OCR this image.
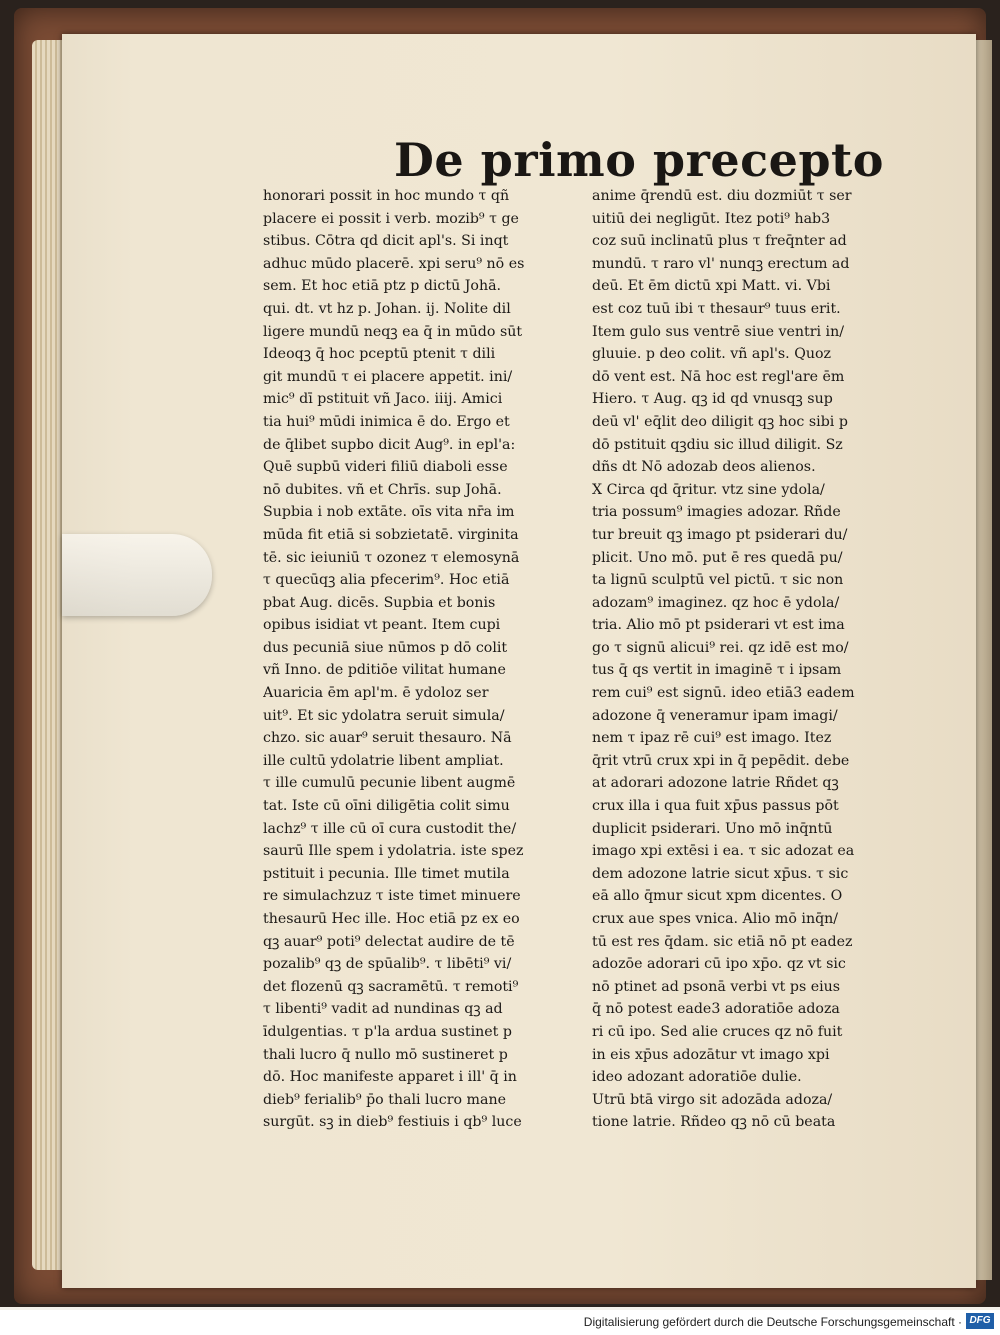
De primo precepto
honorari possit in hoc mundo τ qñ
placere ei possit i verb. mozib⁹ τ ge
stibus. Cōtra qd dicit apl's. Si inqt
adhuc mūdo placerē. xpi seru⁹ nō es
sem. Et hoc etiā ptz p dictū Johā.
qui. dt. vt hz p. Johan. ij. Nolite dil
ligere mundū neqꝫ ea q̄ in mūdo sūt
Ideoqꝫ q̄ hoc pceptū ptenit τ dili
git mundū τ ei placere appetit. ini/
mic⁹ dī pstituit vñ Jaco. iiij. Amici
tia hui⁹ mūdi inimica ē do. Ergo et
de q̄libet supbo dicit Aug⁹. in epl'a:
Quē supbū videri filiū diaboli esse
nō dubites. vñ et Chrīs. sup Johā.
Supbia i nob extāte. oīs vita nr̄a im
mūda fit etiā si sobzietatē. virginita
tē. sic ieiuniū τ ozonez τ elemosynā
τ quecūqꝫ alia pfecerim⁹. Hoc etiā
pbat Aug. dicēs. Supbia et bonis
opibus isidiat vt peant. Item cupi
dus pecuniā siue nūmos p dō colit
vñ Inno. de pditiōe vilitat humane
Auaricia ēm apl'm. ē ydoloz ser
uit⁹. Et sic ydolatra seruit simula/
chzo. sic auar⁹ seruit thesauro. Nā
ille cultū ydolatrie libent ampliat.
τ ille cumulū pecunie libent augmē
tat. Iste cū oīni diligētia colit simu
lachz⁹ τ ille cū oī cura custodit the/
saurū Ille spem i ydolatria. iste spez
pstituit i pecunia. Ille timet mutila
re simulachzuz τ iste timet minuere
thesaurū Hec ille. Hoc etiā pz ex eo
qꝫ auar⁹ poti⁹ delectat audire de tē
pozalib⁹ qꝫ de spūalib⁹. τ libēti⁹ vi/
det flozenū qꝫ sacramētū. τ remoti⁹
τ libenti⁹ vadit ad nundinas qꝫ ad
īdulgentias. τ p'la ardua sustinet p
thali lucro q̄ nullo mō sustineret p
dō. Hoc manifeste apparet i ill' q̄ in
dieb⁹ ferialib⁹ p̄o thali lucro mane
surgūt. sꝫ in dieb⁹ festiuis i qb⁹ luce
anime q̄rendū est. diu dozmiūt τ ser
uitiū dei negligūt. Itez poti⁹ hab3
coz suū inclinatū plus τ freq̄nter ad
mundū. τ raro vl' nunqꝫ erectum ad
deū. Et ēm dictū xpi Matt. vi. Vbi
est coz tuū ibi τ thesaur⁹ tuus erit.
Item gulo sus ventrē siue ventri in/
gluuie. p deo colit. vñ apl's. Quoz
dō vent est. Nā hoc est regl'are ēm
Hiero. τ Aug. qꝫ id qd vnusqꝫ sup
deū vl' eq̄lit deo diligit qꝫ hoc sibi p
dō pstituit qꝫdiu sic illud diligit. Sz
dñs dt Nō adozab deos alienos.
X Circa qd q̄ritur. vtz sine ydola/
tria possum⁹ imagies adozar. Rñde
tur breuit qꝫ imago pt psiderari du/
plicit. Uno mō. put ē res quedā pu/
ta lignū sculptū vel pictū. τ sic non
adozam⁹ imaginez. qz hoc ē ydola/
tria. Alio mō pt psiderari vt est ima
go τ signū alicui⁹ rei. qz idē est mo/
tus q̄ qs vertit in imaginē τ i ipsam
rem cui⁹ est signū. ideo etiā3 eadem
adozone q̄ veneramur ipam imagi/
nem τ ipaz rē cui⁹ est imago. Itez
q̄rit vtrū crux xpi in q̄ pepēdit. debe
at adorari adozone latrie Rñdet qꝫ
crux illa i qua fuit xp̄us passus pōt
duplicit psiderari. Uno mō inq̄ntū
imago xpi extēsi i ea. τ sic adozat ea
dem adozone latrie sicut xp̄us. τ sic
eā allo q̄mur sicut xpm dicentes. O
crux aue spes vnica. Alio mō inq̄n/
tū est res q̄dam. sic etiā nō pt eadez
adozōe adorari cū ipo xp̄o. qz vt sic
nō ptinet ad psonā verbi vt ps eius
q̄ nō potest eade3 adoratiōe adoza
ri cū ipo. Sed alie cruces qz nō fuit
in eis xp̄us adozātur vt imago xpi
ideo adozant adoratiōe dulie.
Utrū btā virgo sit adozāda adoza/
tione latrie. Rñdeo qꝫ nō cū beata
Digitalisierung gefördert durch die Deutsche Forschungsgemeinschaft · DFG
